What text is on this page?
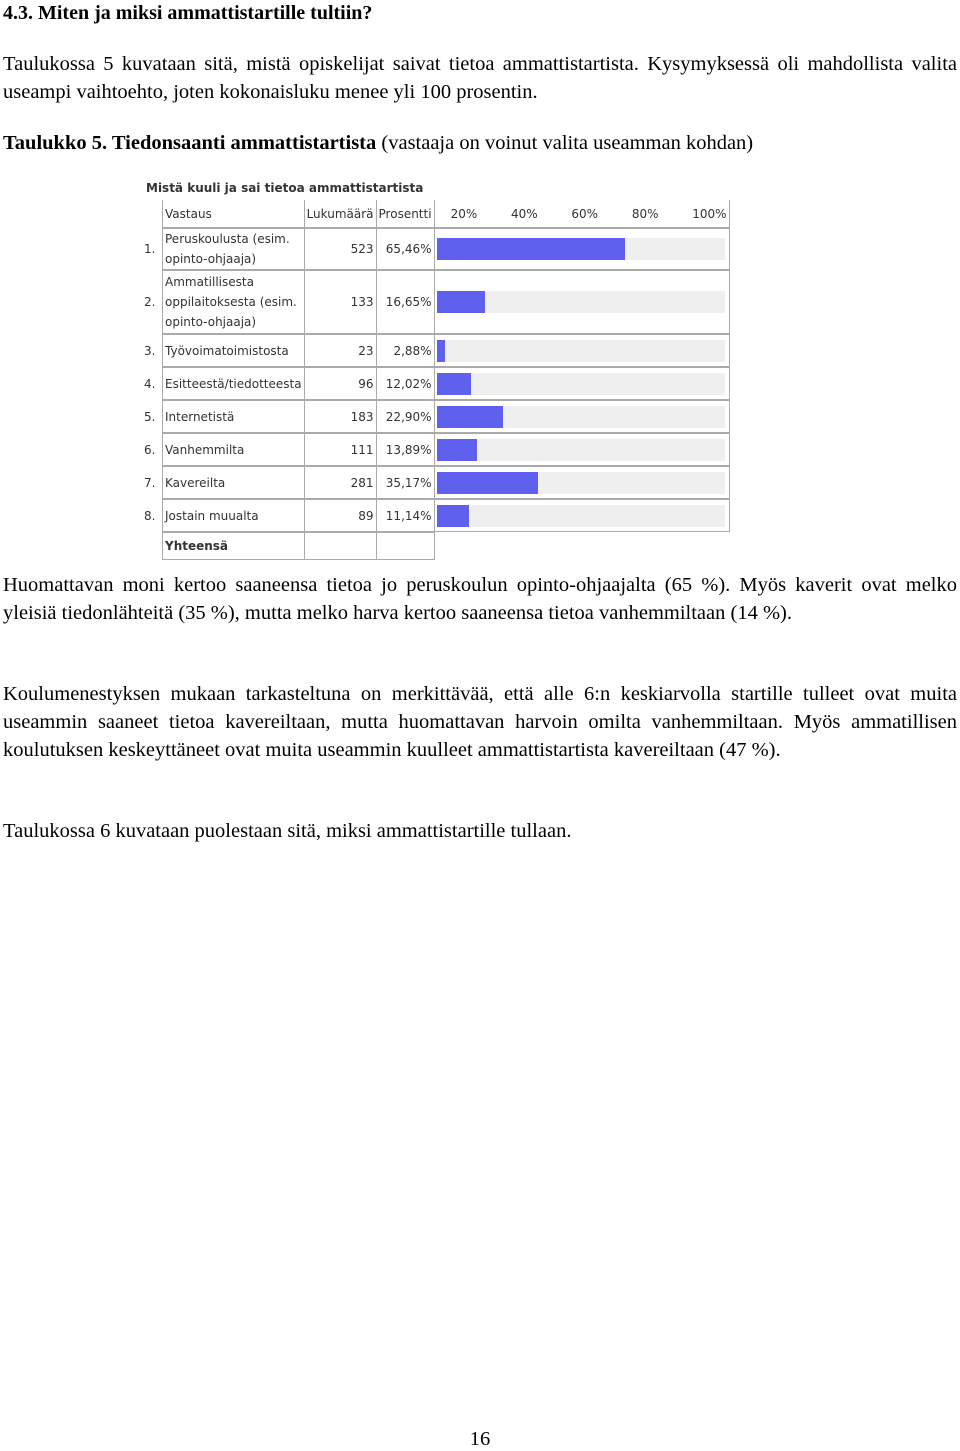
4.3. Miten ja miksi ammattistartille tultiin?
Taulukossa 5 kuvataan sitä, mistä opiskelijat saivat tietoa ammattistartista. Kysymyksessä oli mahdollista valita useampi vaihtoehto, joten kokonaisluku menee yli 100 prosentin.
Taulukko 5. Tiedonsaanti ammattistartista (vastaaja on voinut valita useamman kohdan)
Mistä kuuli ja sai tietoa ammattistartista
	Vastaus	Lukumäärä	Prosentti	20% 40% 60% 80% 100%

1.	Peruskoulusta (esim. opinto-ohjaaja)	523	65,46%	

2.	Ammatillisesta oppilaitoksesta (esim. opinto-ohjaaja)	133	16,65%	

3.	Työvoimatoimistosta	23	2,88%	

4.	Esitteestä/tiedotteesta	96	12,02%	

5.	Internetistä	183	22,90%	

6.	Vanhemmilta	111	13,89%	

7.	Kavereilta	281	35,17%	

8.	Jostain muualta	89	11,14%	

	Yhteensä			
Huomattavan moni kertoo saaneensa tietoa jo peruskoulun opinto-ohjaajalta (65 %). Myös kaverit ovat melko yleisiä tiedonlähteitä (35 %), mutta melko harva kertoo saaneensa tietoa vanhemmiltaan (14 %).
Koulumenestyksen mukaan tarkasteltuna on merkittävää, että alle 6:n keskiarvolla startille tulleet ovat muita useammin saaneet tietoa kavereiltaan, mutta huomattavan harvoin omilta vanhemmiltaan. Myös ammatillisen koulutuksen keskeyttäneet ovat muita useammin kuulleet ammattistartista kavereiltaan (47 %).
Taulukossa 6 kuvataan puolestaan sitä, miksi ammattistartille tullaan.
16
